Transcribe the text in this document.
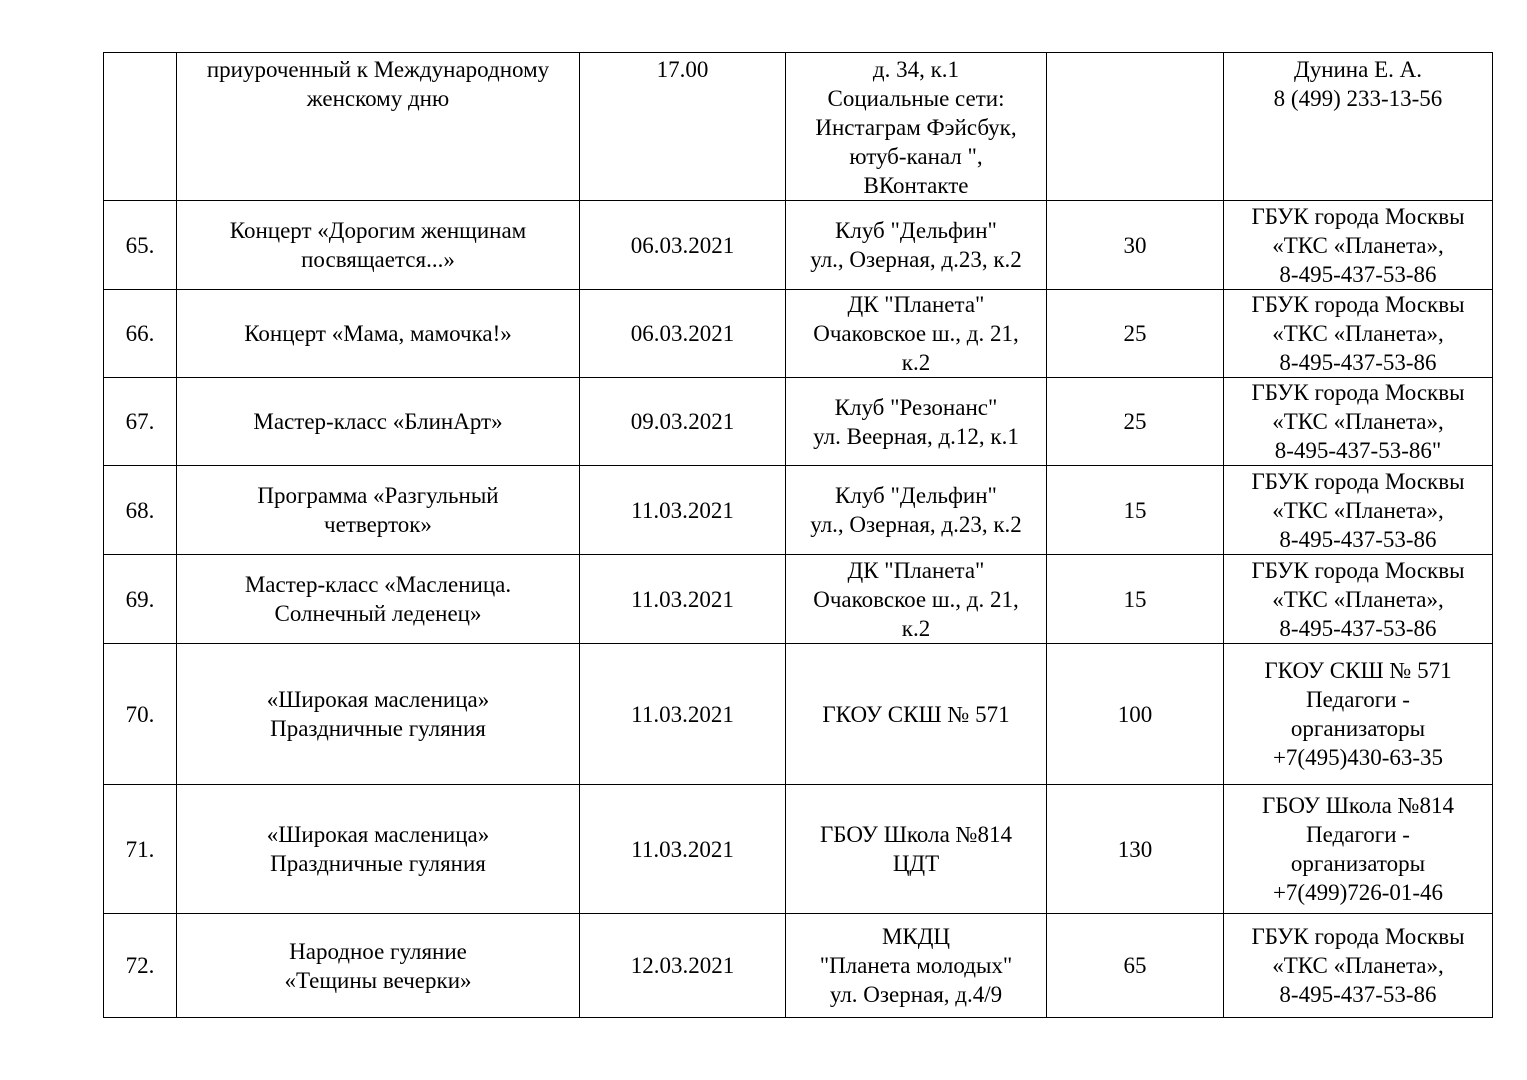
	приуроченный к Международному
женскому дню	17.00	д. 34, к.1
Социальные сети:
Инстаграм Фэйсбук,
ютуб-канал ",
ВКонтакте		Дунина Е. А.
8 (499) 233-13-56

65.	Концерт «Дорогим женщинам
посвящается...»	06.03.2021	Клуб "Дельфин"
ул., Озерная, д.23, к.2	30	ГБУК города Москвы
«ТКС «Планета»,
8-495-437-53-86

66.	Концерт «Мама, мамочка!»	06.03.2021	ДК "Планета"
Очаковское ш., д. 21,
к.2	25	ГБУК города Москвы
«ТКС «Планета»,
8-495-437-53-86

67.	Мастер-класс «БлинАрт»	09.03.2021	Клуб "Резонанс"
ул. Веерная, д.12, к.1	25	ГБУК города Москвы
«ТКС «Планета»,
8-495-437-53-86"

68.	Программа «Разгульный
четверток»	11.03.2021	Клуб "Дельфин"
ул., Озерная, д.23, к.2	15	ГБУК города Москвы
«ТКС «Планета»,
8-495-437-53-86

69.	Мастер-класс «Масленица.
Солнечный леденец»	11.03.2021	ДК "Планета"
Очаковское ш., д. 21,
к.2	15	ГБУК города Москвы
«ТКС «Планета»,
8-495-437-53-86

70.	«Широкая масленица»
Праздничные гуляния	11.03.2021	ГКОУ СКШ № 571	100	ГКОУ СКШ № 571
Педагоги -
организаторы
+7(495)430-63-35

71.	«Широкая масленица»
Праздничные гуляния	11.03.2021	ГБОУ Школа №814
ЦДТ	130	ГБОУ Школа №814
Педагоги -
организаторы
+7(499)726-01-46

72.	Народное гуляние
«Тещины вечерки»	12.03.2021	МКДЦ
"Планета молодых"
ул. Озерная, д.4/9	65	ГБУК города Москвы
«ТКС «Планета»,
8-495-437-53-86
